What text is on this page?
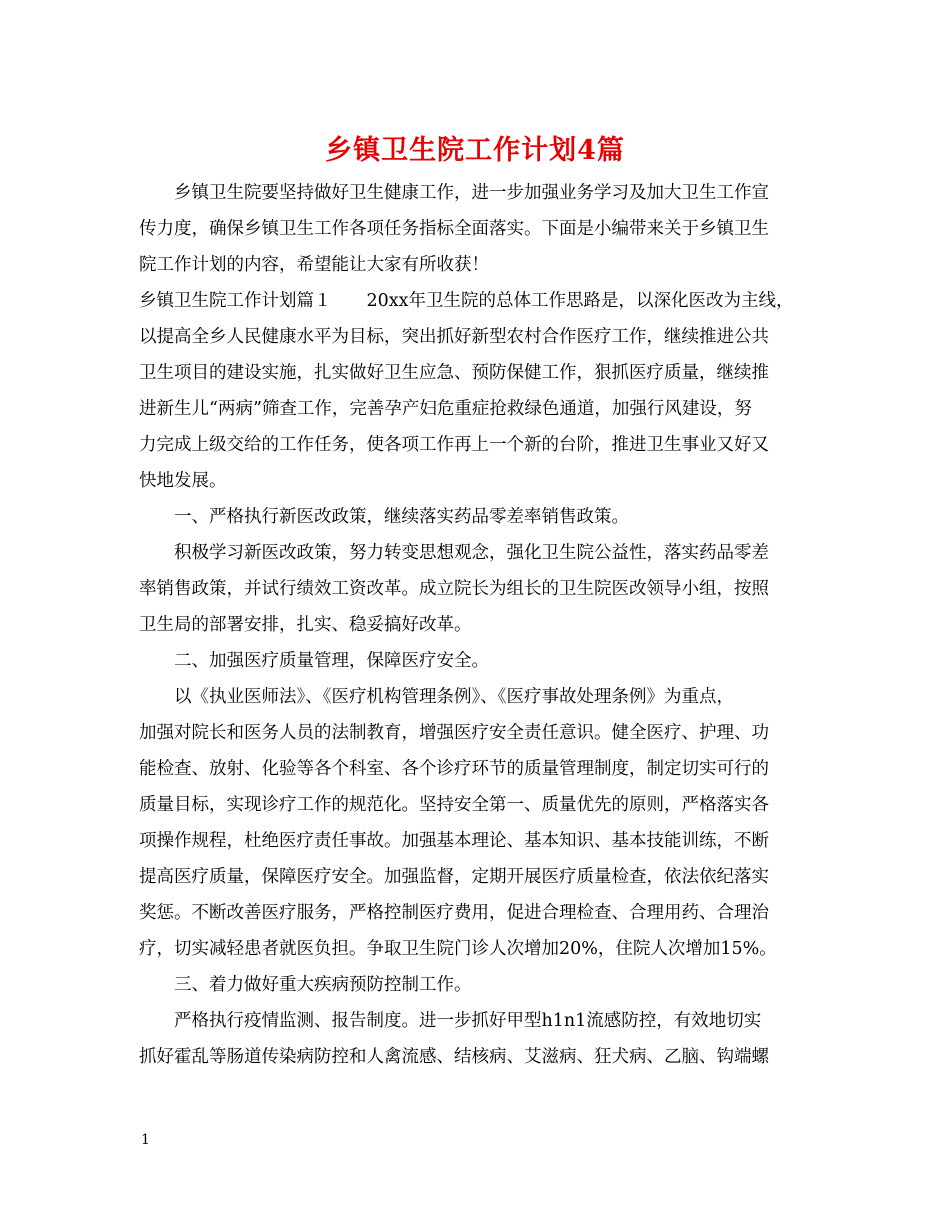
乡镇卫生院工作计划4篇
　　乡镇卫生院要坚持做好卫生健康工作，进一步加强业务学习及加大卫生工作宣
传力度，确保乡镇卫生工作各项任务指标全面落实。下面是小编带来关于乡镇卫生
院工作计划的内容，希望能让大家有所收获！
乡镇卫生院工作计划篇１　　20xx年卫生院的总体工作思路是，以深化医改为主线，
以提高全乡人民健康水平为目标，突出抓好新型农村合作医疗工作，继续推进公共
卫生项目的建设实施，扎实做好卫生应急、预防保健工作，狠抓医疗质量，继续推
进新生儿“两病”筛查工作，完善孕产妇危重症抢救绿色通道，加强行风建设，努
力完成上级交给的工作任务，使各项工作再上一个新的台阶，推进卫生事业又好又
快地发展。
　　一、严格执行新医改政策，继续落实药品零差率销售政策。
　　积极学习新医改政策，努力转变思想观念，强化卫生院公益性，落实药品零差
率销售政策，并试行绩效工资改革。成立院长为组长的卫生院医改领导小组，按照
卫生局的部署安排，扎实、稳妥搞好改革。
　　二、加强医疗质量管理，保障医疗安全。
　　以《执业医师法》、《医疗机构管理条例》、《医疗事故处理条例》为重点，
加强对院长和医务人员的法制教育，增强医疗安全责任意识。健全医疗、护理、功
能检查、放射、化验等各个科室、各个诊疗环节的质量管理制度，制定切实可行的
质量目标，实现诊疗工作的规范化。坚持安全第一、质量优先的原则，严格落实各
项操作规程，杜绝医疗责任事故。加强基本理论、基本知识、基本技能训练，不断
提高医疗质量，保障医疗安全。加强监督，定期开展医疗质量检查，依法依纪落实
奖惩。不断改善医疗服务，严格控制医疗费用，促进合理检查、合理用药、合理治
疗，切实减轻患者就医负担。争取卫生院门诊人次增加20%，住院人次增加15%。
　　三、着力做好重大疾病预防控制工作。
　　严格执行疫情监测、报告制度。进一步抓好甲型h1n1流感防控，有效地切实
抓好霍乱等肠道传染病防控和人禽流感、结核病、艾滋病、狂犬病、乙脑、钩端螺
1
